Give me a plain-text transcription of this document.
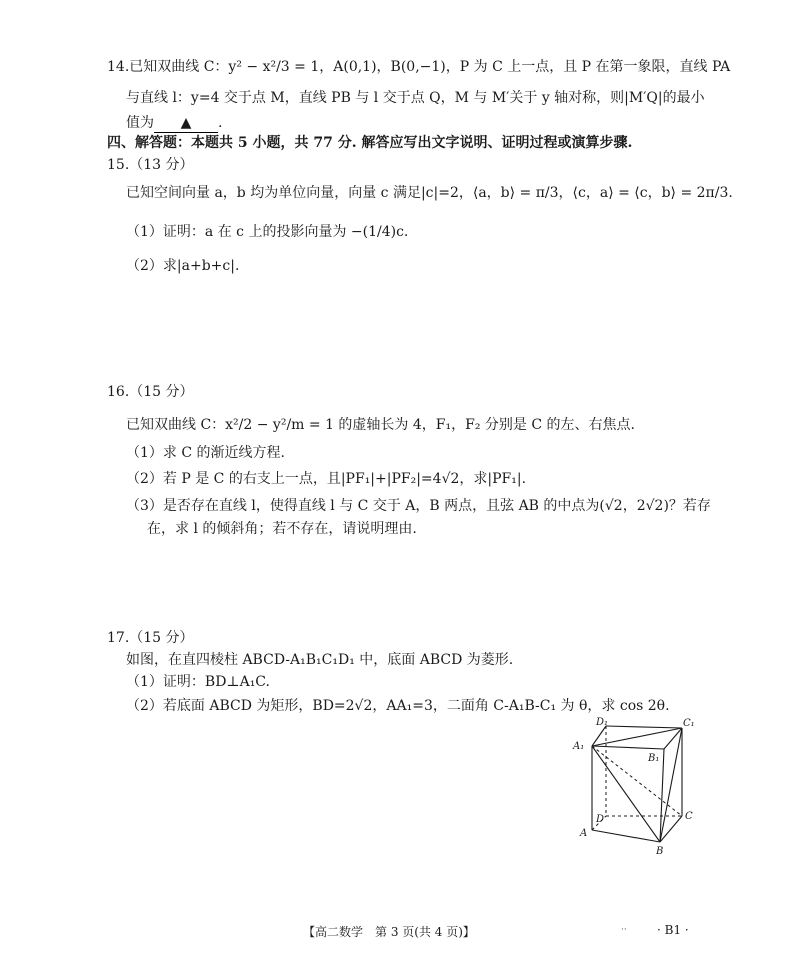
14.已知双曲线 C：y² − x²/3 = 1，A(0,1)，B(0,−1)，P 为 C 上一点，且 P 在第一象限，直线 PA
与直线 l：y=4 交于点 M，直线 PB 与 l 交于点 Q，M 与 M′关于 y 轴对称，则|M′Q|的最小
值为 ▲ .
四、解答题：本题共 5 小题，共 77 分. 解答应写出文字说明、证明过程或演算步骤.
15.（13 分）
已知空间向量 a，b 均为单位向量，向量 c 满足|c|=2，⟨a，b⟩ = π/3，⟨c，a⟩ = ⟨c，b⟩ = 2π/3.
（1）证明：a 在 c 上的投影向量为 −(1/4)c.
（2）求|a+b+c|.
16.（15 分）
已知双曲线 C：x²/2 − y²/m = 1 的虚轴长为 4，F₁，F₂ 分别是 C 的左、右焦点.
（1）求 C 的渐近线方程.
（2）若 P 是 C 的右支上一点，且|PF₁|+|PF₂|=4√2，求|PF₁|.
（3）是否存在直线 l，使得直线 l 与 C 交于 A，B 两点，且弦 AB 的中点为(√2，2√2)？若存
在，求 l 的倾斜角；若不存在，请说明理由.
17.（15 分）
如图，在直四棱柱 ABCD-A₁B₁C₁D₁ 中，底面 ABCD 为菱形.
（1）证明：BD⊥A₁C.
（2）若底面 ABCD 为矩形，BD=2√2，AA₁=3，二面角 C-A₁B-C₁ 为 θ，求 cos 2θ.
D₁	C₁
A₁
B₁
D	C
A
B
【高二数学　第 3 页(共 4 页)】	··	· B1 ·
